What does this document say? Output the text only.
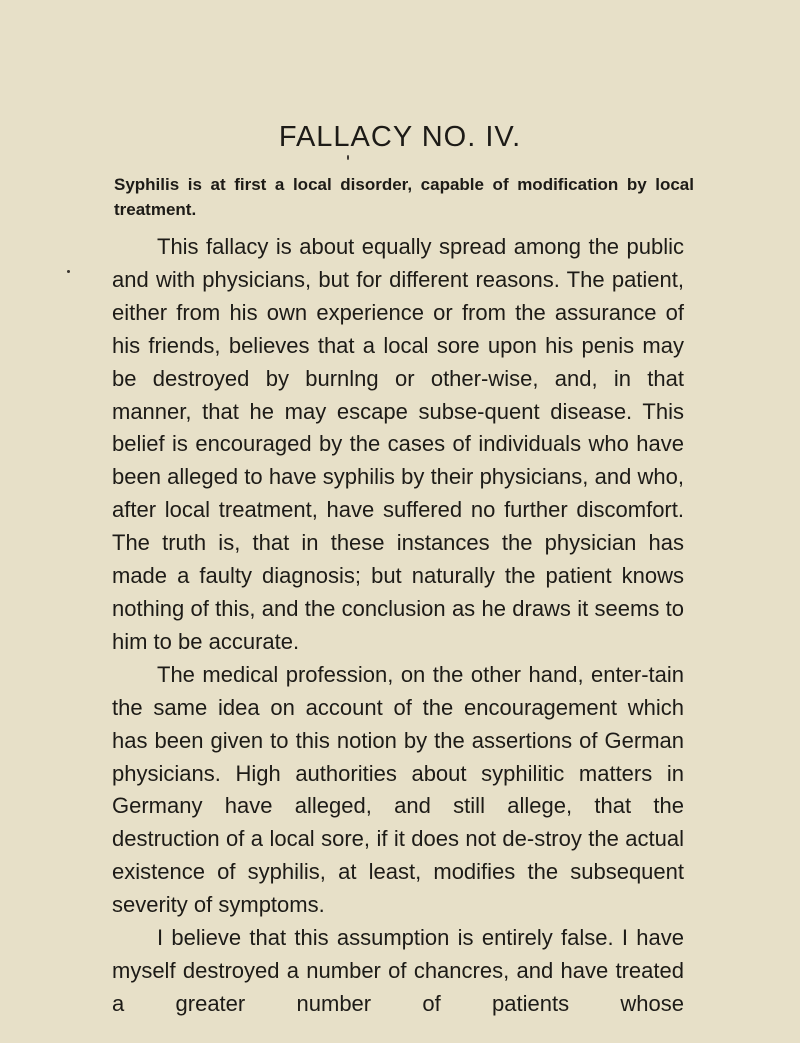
FALLACY NO. IV.
Syphilis is at first a local disorder, capable of modification by local treatment.

This fallacy is about equally spread among the public and with physicians, but for different reasons. The patient, either from his own experience or from the assurance of his friends, believes that a local sore upon his penis may be destroyed by burnlng or other-wise, and, in that manner, that he may escape subse-quent disease. This belief is encouraged by the cases of individuals who have been alleged to have syphilis by their physicians, and who, after local treatment, have suffered no further discomfort. The truth is, that in these instances the physician has made a faulty diagnosis; but naturally the patient knows nothing of this, and the conclusion as he draws it seems to him to be accurate.

The medical profession, on the other hand, enter-tain the same idea on account of the encouragement which has been given to this notion by the assertions of German physicians. High authorities about syphilitic matters in Germany have alleged, and still allege, that the destruction of a local sore, if it does not de-stroy the actual existence of syphilis, at least, modifies the subsequent severity of symptoms.

I believe that this assumption is entirely false. I have myself destroyed a number of chancres, and have treated a greater number of patients whose
